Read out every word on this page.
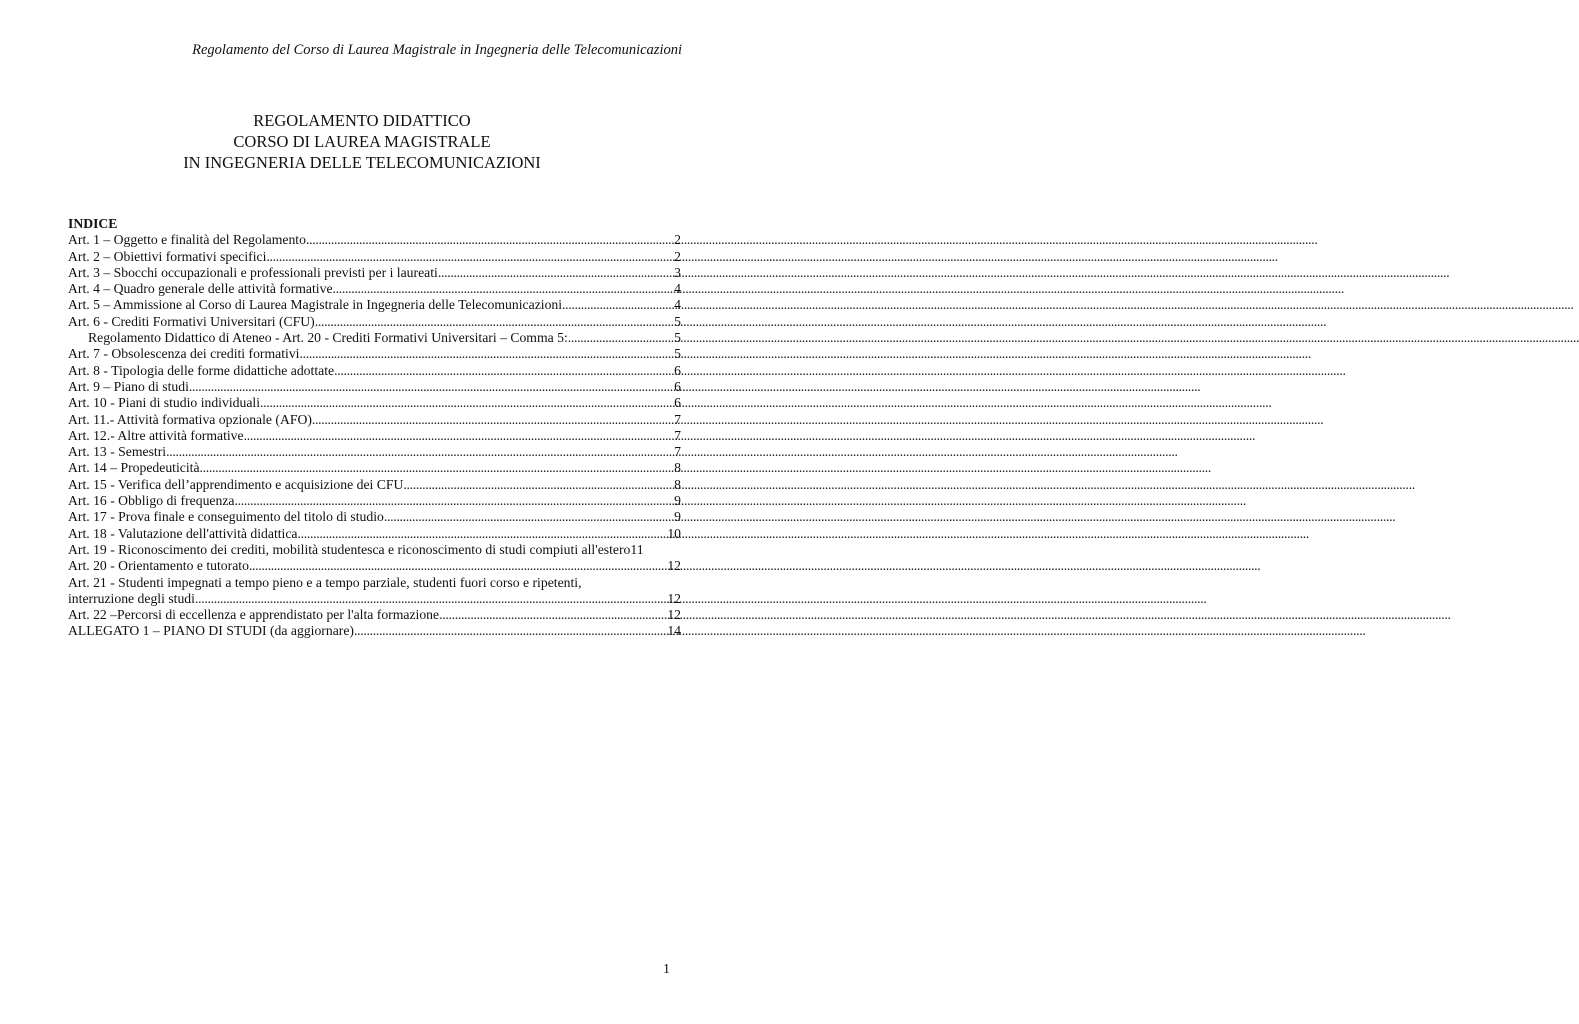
Regolamento del Corso di Laurea Magistrale in Ingegneria delle Telecomunicazioni
REGOLAMENTO DIDATTICO
CORSO DI LAUREA MAGISTRALE
IN INGEGNERIA DELLE TELECOMUNICAZIONI
INDICE
Art. 1 – Oggetto e finalità del Regolamento .....	2
Art. 2 – Obiettivi formativi specifici .....	2
Art. 3 – Sbocchi occupazionali e professionali previsti per i laureati .....	3
Art. 4 – Quadro generale delle attività formative .....	4
Art. 5 – Ammissione al Corso di Laurea Magistrale in Ingegneria delle Telecomunicazioni .....	4
Art. 6 - Crediti Formativi Universitari (CFU) .....	5
Regolamento Didattico di Ateneo - Art. 20 - Crediti Formativi Universitari – Comma 5: .....	5
Art. 7 - Obsolescenza dei crediti formativi .....	5
Art. 8 - Tipologia delle forme didattiche adottate .....	6
Art. 9 – Piano di studi .....	6
Art. 10 - Piani di studio individuali .....	6
Art. 11.- Attività formativa opzionale (AFO) .....	7
Art. 12.- Altre attività formative .....	7
Art. 13 - Semestri .....	7
Art. 14 – Propedeuticità .....	8
Art. 15 - Verifica dell’apprendimento e acquisizione dei CFU .....	8
Art. 16 - Obbligo di frequenza .....	9
Art. 17 - Prova finale e conseguimento del titolo di studio .....	9
Art. 18 - Valutazione dell'attività didattica .....	10
Art. 19 - Riconoscimento dei crediti, mobilità studentesca e riconoscimento di studi compiuti all'estero 11
Art. 20 - Orientamento e tutorato .....	12
Art. 21 - Studenti impegnati a tempo pieno e a tempo parziale, studenti fuori corso e ripetenti,
interruzione degli studi .....	12
Art. 22 –Percorsi di eccellenza e apprendistato per l'alta formazione .....	12
ALLEGATO 1 – PIANO DI STUDI (da aggiornare) .....	14
1
